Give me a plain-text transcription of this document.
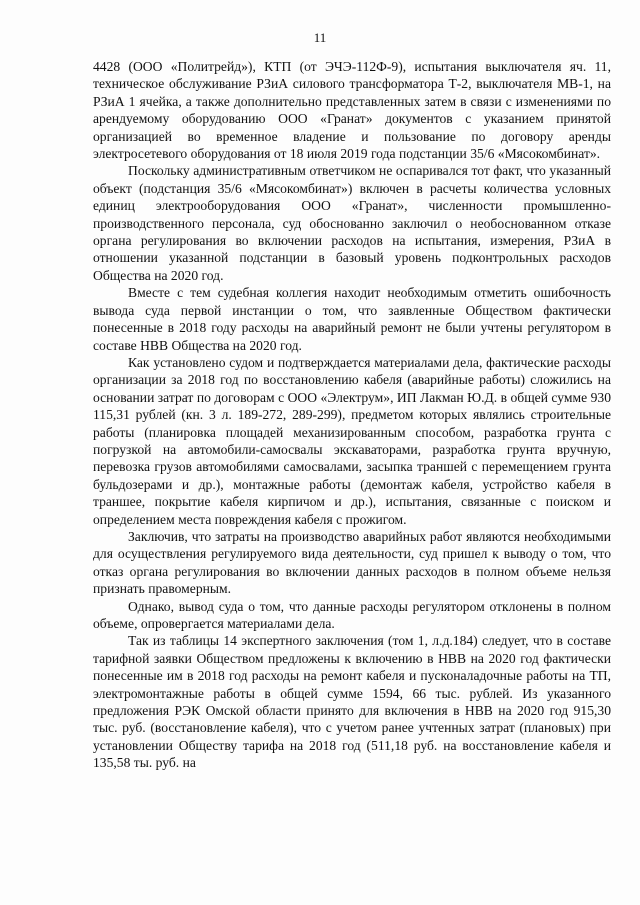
11

4428 (ООО «Политрейд»), КТП (от ЭЧЭ-112Ф-9), испытания выключателя яч. 11, техническое обслуживание РЗиА силового трансформатора Т-2, выключателя МВ-1, на РЗиА 1 ячейка, а также дополнительно представленных затем в связи с изменениями по арендуемому оборудованию ООО «Гранат» документов с указанием принятой организацией во временное владение и пользование по договору аренды электросетевого оборудования от 18 июля 2019 года подстанции 35/6 «Мясокомбинат».

Поскольку административным ответчиком не оспаривался тот факт, что указанный объект (подстанция 35/6 «Мясокомбинат») включен в расчеты количества условных единиц электрооборудования ООО «Гранат», численности промышленно-производственного персонала, суд обоснованно заключил о необоснованном отказе органа регулирования во включении расходов на испытания, измерения, РЗиА в отношении указанной подстанции в базовый уровень подконтрольных расходов Общества на 2020 год.

Вместе с тем судебная коллегия находит необходимым отметить ошибочность вывода суда первой инстанции о том, что заявленные Обществом фактически понесенные в 2018 году расходы на аварийный ремонт не были учтены регулятором в составе НВВ Общества на 2020 год.

Как установлено судом и подтверждается материалами дела, фактические расходы организации за 2018 год по восстановлению кабеля (аварийные работы) сложились на основании затрат по договорам с ООО «Электрум», ИП Лакман Ю.Д. в общей сумме 930 115,31 рублей (кн. 3 л. 189-272, 289-299), предметом которых являлись строительные работы (планировка площадей механизированным способом, разработка грунта с погрузкой на автомобили-самосвалы экскаваторами, разработка грунта вручную, перевозка грузов автомобилями самосвалами, засыпка траншей с перемещением грунта бульдозерами и др.), монтажные работы (демонтаж кабеля, устройство кабеля в траншее, покрытие кабеля кирпичом и др.), испытания, связанные с поиском и определением места повреждения кабеля с прожигом.

Заключив, что затраты на производство аварийных работ являются необходимыми для осуществления регулируемого вида деятельности, суд пришел к выводу о том, что отказ органа регулирования во включении данных расходов в полном объеме нельзя признать правомерным.

Однако, вывод суда о том, что данные расходы регулятором отклонены в полном объеме, опровергается материалами дела.

Так из таблицы 14 экспертного заключения (том 1, л.д.184) следует, что в составе тарифной заявки Обществом предложены к включению в НВВ на 2020 год фактически понесенные им в 2018 год расходы на ремонт кабеля и пусконаладочные работы на ТП, электромонтажные работы в общей сумме 1594, 66 тыс. рублей. Из указанного предложения РЭК Омской области принято для включения в НВВ на 2020 год 915,30 тыс. руб. (восстановление кабеля), что с учетом ранее учтенных затрат (плановых) при установлении Обществу тарифа на 2018 год (511,18 руб. на восстановление кабеля и 135,58 ты. руб. на
